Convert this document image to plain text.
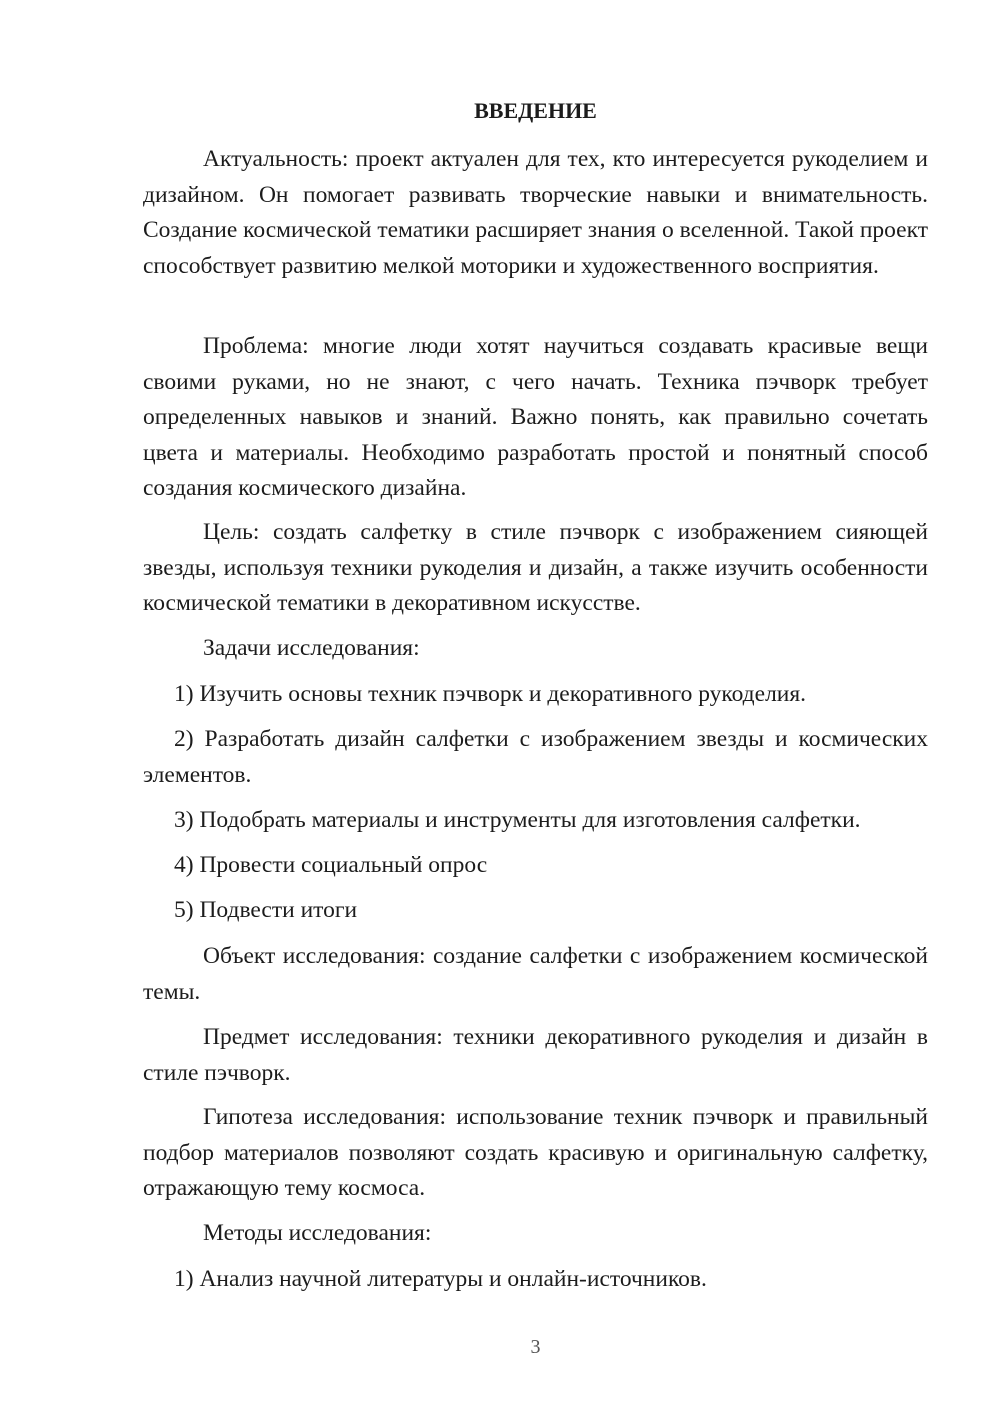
ВВЕДЕНИЕ

Актуальность: проект актуален для тех, кто интересуется рукоделием и дизайном. Он помогает развивать творческие навыки и внимательность. Создание космической тематики расширяет знания о вселенной. Такой проект способствует развитию мелкой моторики и художественного восприятия.

Проблема: многие люди хотят научиться создавать красивые вещи своими руками, но не знают, с чего начать. Техника пэчворк требует определенных навыков и знаний. Важно понять, как правильно сочетать цвета и материалы. Необходимо разработать простой и понятный способ создания космического дизайна.

Цель: создать салфетку в стиле пэчворк с изображением сияющей звезды, используя техники рукоделия и дизайн, а также изучить особенности космической тематики в декоративном искусстве.

Задачи исследования:

1) Изучить основы техник пэчворк и декоративного рукоделия.

2) Разработать дизайн салфетки с изображением звезды и космических элементов.

3) Подобрать материалы и инструменты для изготовления салфетки.

4) Провести социальный опрос

5) Подвести итоги

Объект исследования: создание салфетки с изображением космической темы.

Предмет исследования: техники декоративного рукоделия и дизайн в стиле пэчворк.

Гипотеза исследования: использование техник пэчворк и правильный подбор материалов позволяют создать красивую и оригинальную салфетку, отражающую тему космоса.

Методы исследования:

1) Анализ научной литературы и онлайн-источников.

3
